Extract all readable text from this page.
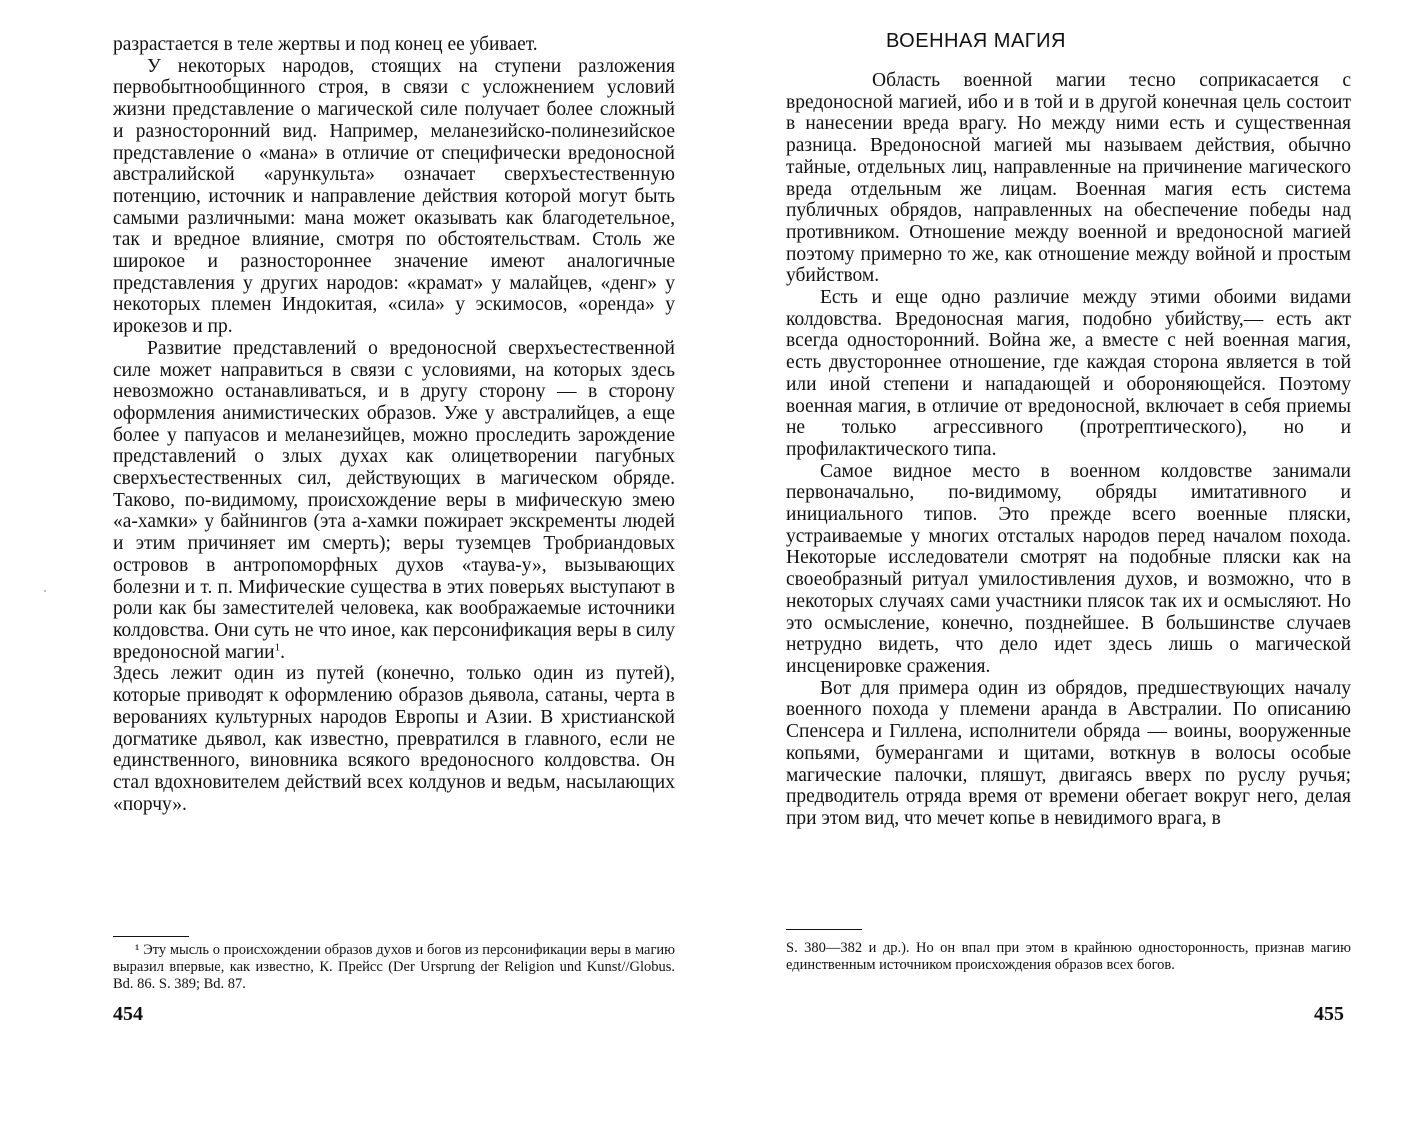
разрастается в теле жертвы и под конец ее убивает.

У некоторых народов, стоящих на ступени разложения первобытнообщинного строя, в связи с усложнением условий жизни представление о магической силе получает более сложный и разносторонний вид. Например, меланезийско-полинезийское представление о «мана» в отличие от специфически вредоносной австралийской «арункульта» означает сверхъестественную потенцию, источник и направление действия которой могут быть самыми различными: мана может оказывать как благодетельное, так и вредное влияние, смотря по обстоятельствам. Столь же широкое и разностороннее значение имеют аналогичные представления у других народов: «крамат» у малайцев, «денг» у некоторых племен Индокитая, «сила» у эскимосов, «оренда» у ирокезов и пр.

Развитие представлений о вредоносной сверхъестественной силе может направиться в связи с условиями, на которых здесь невозможно останавливаться, и в другу сторону — в сторону оформления анимистических образов. Уже у австралийцев, а еще более у папуасов и меланезийцев, можно проследить зарождение представлений о злых духах как олицетворении пагубных сверхъестественных сил, действующих в магическом обряде. Таково, по-видимому, происхождение веры в мифическую змею «а-хамки» у байнингов (эта а-хамки пожирает экскременты людей и этим причиняет им смерть); веры туземцев Тробриандовых островов в антропоморфных духов «таува-у», вызывающих болезни и т. п. Мифические существа в этих поверьях выступают в роли как бы заместителей человека, как воображаемые источники колдовства. Они суть не что иное, как персонификация веры в силу вредоносной магии$^1$.

Здесь лежит один из путей (конечно, только один из путей), которые приводят к оформлению образов дьявола, сатаны, черта в верованиях культурных народов Европы и Азии. В христианской догматике дьявол, как известно, превратился в главного, если не единственного, виновника всякого вредоносного колдовства. Он стал вдохновителем действий всех колдунов и ведьм, насылающих «порчу».

¹ Эту мысль о происхождении образов духов и богов из персонификации веры в магию выразил впервые, как известно, К. Прейсс (Der Ursprung der Religion und Kunst//Globus. Bd. 86. S. 389; Bd. 87.

454
ВОЕННАЯ МАГИЯ

Область военной магии тесно соприкасается с вредоносной магией, ибо и в той и в другой конечная цель состоит в нанесении вреда врагу. Но между ними есть и существенная разница. Вредоносной магией мы называем действия, обычно тайные, отдельных лиц, направленные на причинение магического вреда отдельным же лицам. Военная магия есть система публичных обрядов, направленных на обеспечение победы над противником. Отношение между военной и вредоносной магией поэтому примерно то же, как отношение между войной и простым убийством.

Есть и еще одно различие между этими обоими видами колдовства. Вредоносная магия, подобно убийству,— есть акт всегда односторонний. Война же, а вместе с ней военная магия, есть двустороннее отношение, где каждая сторона является в той или иной степени и нападающей и обороняющейся. Поэтому военная магия, в отличие от вредоносной, включает в себя приемы не только агрессивного (протрептического), но и профилактического типа.

Самое видное место в военном колдовстве занимали первоначально, по-видимому, обряды имитативного и инициального типов. Это прежде всего военные пляски, устраиваемые у многих отсталых народов перед началом похода. Некоторые исследователи смотрят на подобные пляски как на своеобразный ритуал умилостивления духов, и возможно, что в некоторых случаях сами участники плясок так их и осмысляют. Но это осмысление, конечно, позднейшее. В большинстве случаев нетрудно видеть, что дело идет здесь лишь о магической инсценировке сражения.

Вот для примера один из обрядов, предшествующих началу военного похода у племени аранда в Австралии. По описанию Спенсера и Гиллена, исполнители обряда — воины, вооруженные копьями, бумерангами и щитами, воткнув в волосы особые магические палочки, пляшут, двигаясь вверх по руслу ручья; предводитель отряда время от времени обегает вокруг него, делая при этом вид, что мечет копье в невидимого врага, в

S. 380—382 и др.). Но он впал при этом в крайнюю односторонность, признав магию единственным источником происхождения образов всех богов.

455
